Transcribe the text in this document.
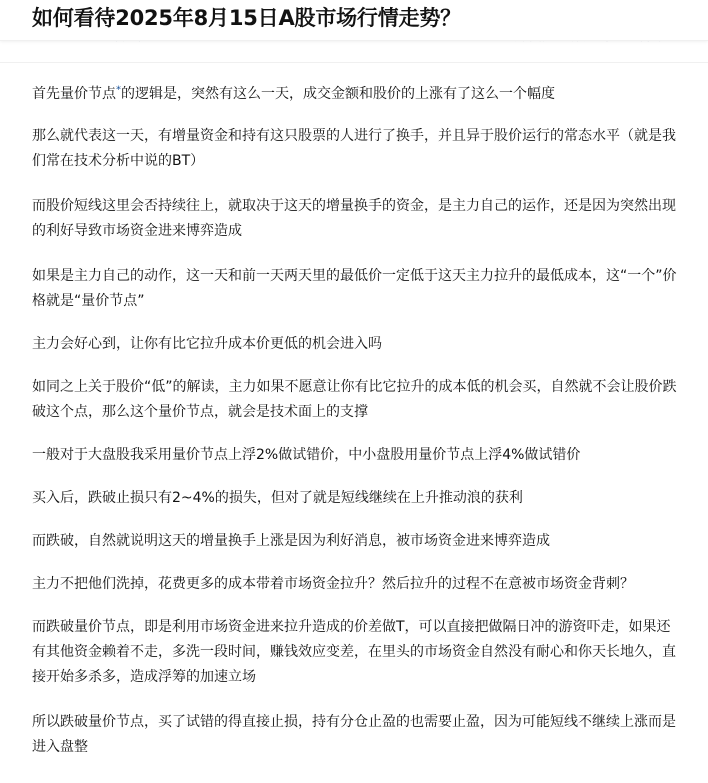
如何看待2025年8月15日A股市场行情走势？

首先量价节点*的逻辑是，突然有这么一天，成交金额和股价的上涨有了这么一个幅度

那么就代表这一天，有增量资金和持有这只股票的人进行了换手，并且异于股价运行的常态水平（就是我们常在技术分析中说的BT）

而股价短线这里会否持续往上，就取决于这天的增量换手的资金，是主力自己的运作，还是因为突然出现的利好导致市场资金进来博弈造成

如果是主力自己的动作，这一天和前一天两天里的最低价一定低于这天主力拉升的最低成本，这“一个”价格就是“量价节点”

主力会好心到，让你有比它拉升成本价更低的机会进入吗

如同之上关于股价“低”的解读，主力如果不愿意让你有比它拉升的成本低的机会买，自然就不会让股价跌破这个点，那么这个量价节点，就会是技术面上的支撑

一般对于大盘股我采用量价节点上浮2%做试错价，中小盘股用量价节点上浮4%做试错价

买入后，跌破止损只有2~4%的损失，但对了就是短线继续在上升推动浪的获利

而跌破，自然就说明这天的增量换手上涨是因为利好消息，被市场资金进来博弈造成

主力不把他们洗掉，花费更多的成本带着市场资金拉升？然后拉升的过程不在意被市场资金背刺？

而跌破量价节点，即是利用市场资金进来拉升造成的价差做T，可以直接把做隔日冲的游资吓走，如果还有其他资金赖着不走，多洗一段时间，赚钱效应变差，在里头的市场资金自然没有耐心和你天长地久，直接开始多杀多，造成浮筹的加速立场

所以跌破量价节点，买了试错的得直接止损，持有分仓止盈的也需要止盈，因为可能短线不继续上涨而是进入盘整
